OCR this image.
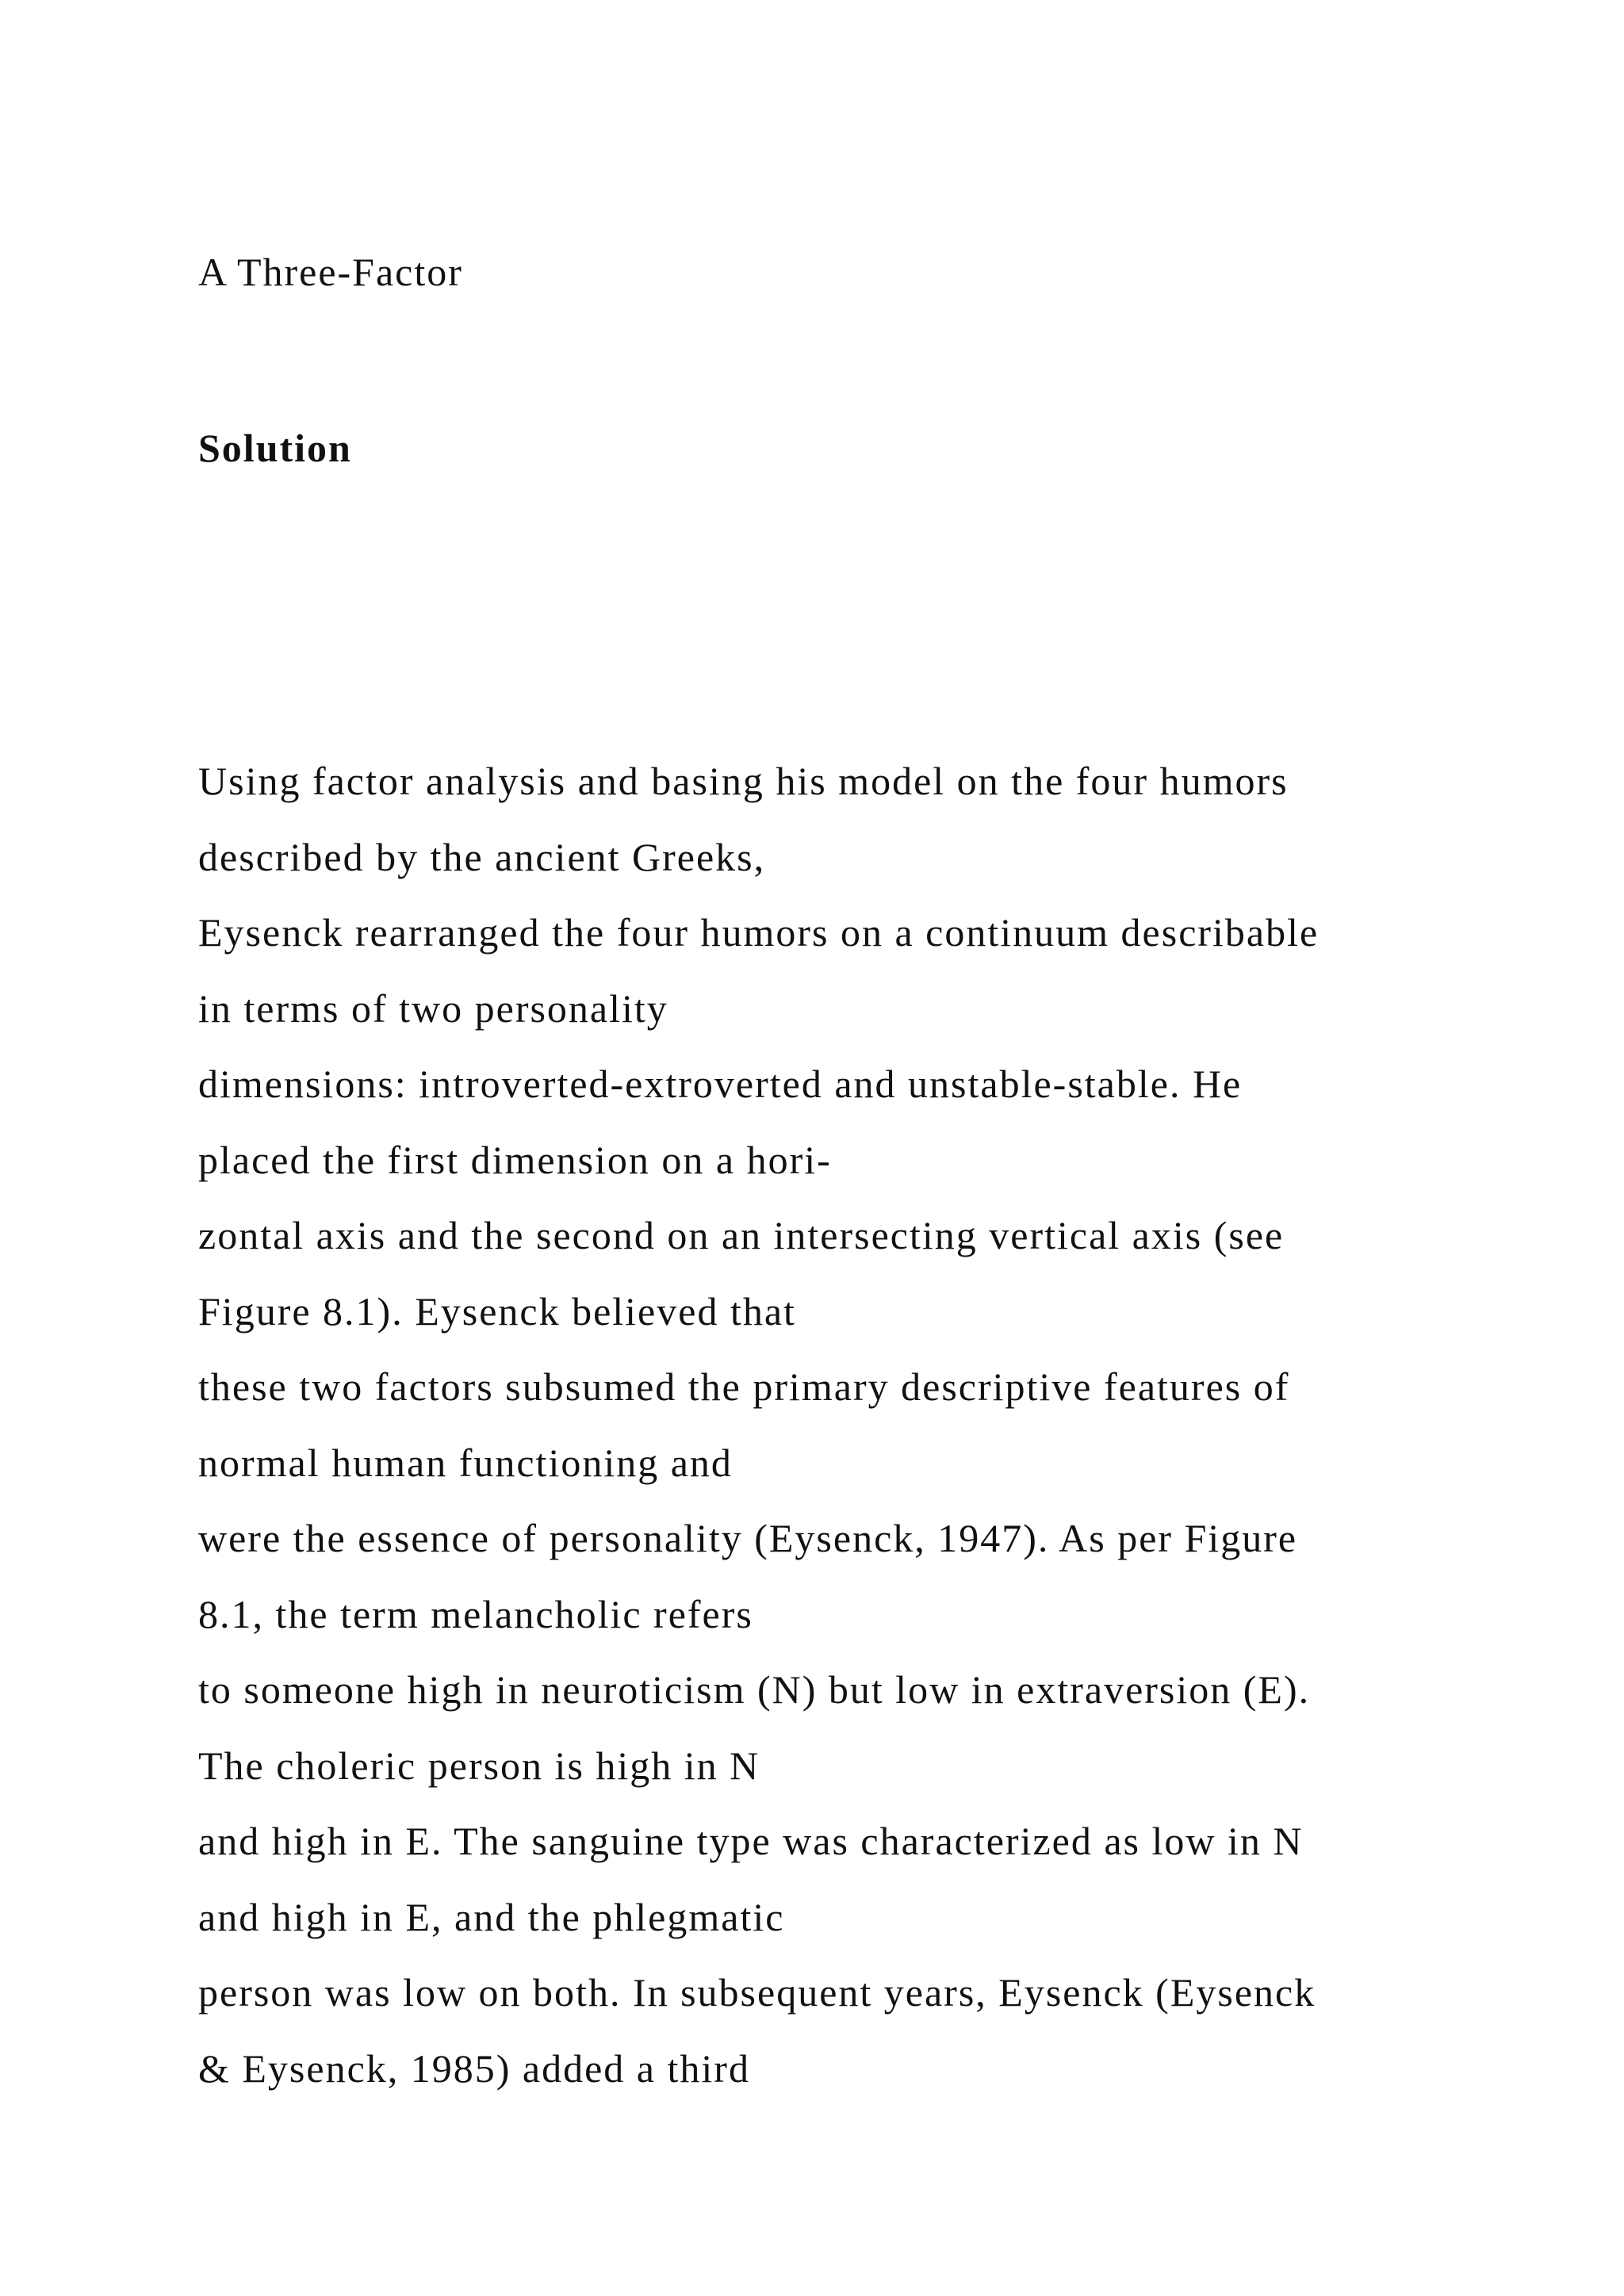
A Three-Factor

Solution

Using factor analysis and basing his model on the four humors
described by the ancient Greeks,
Eysenck rearranged the four humors on a continuum describable
in terms of two personality
dimensions: introverted-extroverted and unstable-stable. He
placed the first dimension on a hori-
zontal axis and the second on an intersecting vertical axis (see
Figure 8.1). Eysenck believed that
these two factors subsumed the primary descriptive features of
normal human functioning and
were the essence of personality (Eysenck, 1947). As per Figure
8.1, the term melancholic refers
to someone high in neuroticism (N) but low in extraversion (E).
The choleric person is high in N
and high in E. The sanguine type was characterized as low in N
and high in E, and the phlegmatic
person was low on both. In subsequent years, Eysenck (Eysenck
& Eysenck, 1985) added a third
